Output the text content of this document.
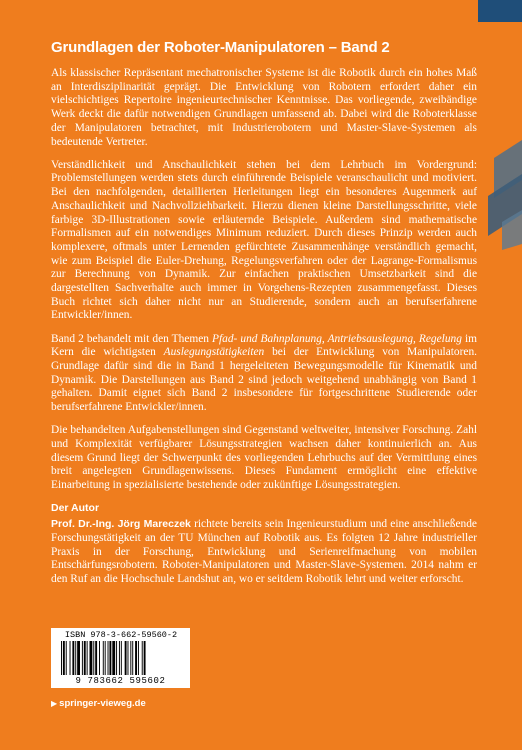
Grundlagen der Roboter-Manipulatoren – Band 2

Als klassischer Repräsentant mechatronischer Systeme ist die Robotik durch ein hohes Maß an Interdisziplinarität geprägt. Die Entwicklung von Robotern erfordert daher ein vielschichtiges Repertoire ingenieurtechnischer Kenntnisse. Das vorliegende, zweibändige Werk deckt die dafür notwendigen Grundlagen umfassend ab. Dabei wird die Roboterklasse der Manipulatoren betrachtet, mit Industrierobotern und Master-Slave-Systemen als bedeutende Vertreter.

Verständlichkeit und Anschaulichkeit stehen bei dem Lehrbuch im Vordergrund: Problemstellungen werden stets durch einführende Beispiele veranschaulicht und motiviert. Bei den nachfolgenden, detaillierten Herleitungen liegt ein besonderes Augenmerk auf Anschaulichkeit und Nachvollziehbarkeit. Hierzu dienen kleine Darstellungsschritte, viele farbige 3D-Illustrationen sowie erläuternde Beispiele. Außerdem sind mathematische Formalismen auf ein notwendiges Minimum reduziert. Durch dieses Prinzip werden auch komplexere, oftmals unter Lernenden gefürchtete Zusammenhänge verständlich gemacht, wie zum Beispiel die Euler-Drehung, Regelungsverfahren oder der Lagrange-Formalismus zur Berechnung von Dynamik. Zur einfachen praktischen Umsetzbarkeit sind die dargestellten Sachverhalte auch immer in Vorgehens-Rezepten zusammengefasst. Dieses Buch richtet sich daher nicht nur an Studierende, sondern auch an berufserfahrene Entwickler/innen.

Band 2 behandelt mit den Themen Pfad- und Bahnplanung, Antriebsauslegung, Regelung im Kern die wichtigsten Auslegungstätigkeiten bei der Entwicklung von Manipulatoren. Grundlage dafür sind die in Band 1 hergeleiteten Bewegungsmodelle für Kinematik und Dynamik. Die Darstellungen aus Band 2 sind jedoch weitgehend unabhängig von Band 1 gehalten. Damit eignet sich Band 2 insbesondere für fortgeschrittene Studierende oder berufserfahrene Entwickler/innen.

Die behandelten Aufgabenstellungen sind Gegenstand weltweiter, intensiver Forschung. Zahl und Komplexität verfügbarer Lösungsstrategien wachsen daher kontinuierlich an. Aus diesem Grund liegt der Schwerpunkt des vorliegenden Lehrbuchs auf der Vermittlung eines breit angelegten Grundlagenwissens. Dieses Fundament ermöglicht eine effektive Einarbeitung in spezialisierte bestehende oder zukünftige Lösungsstrategien.

Der Autor

Prof. Dr.-Ing. Jörg Mareczek richtete bereits sein Ingenieurstudium und eine anschließende Forschungstätigkeit an der TU München auf Robotik aus. Es folgten 12 Jahre industrieller Praxis in der Forschung, Entwicklung und Serienreifmachung von mobilen Entschärfungsrobotern. Roboter-Manipulatoren und Master-Slave-Systemen. 2014 nahm er den Ruf an die Hochschule Landshut an, wo er seitdem Robotik lehrt und weiter erforscht.

ISBN 978-3-662-59560-2
9 783662 595602
▶ springer-vieweg.de
